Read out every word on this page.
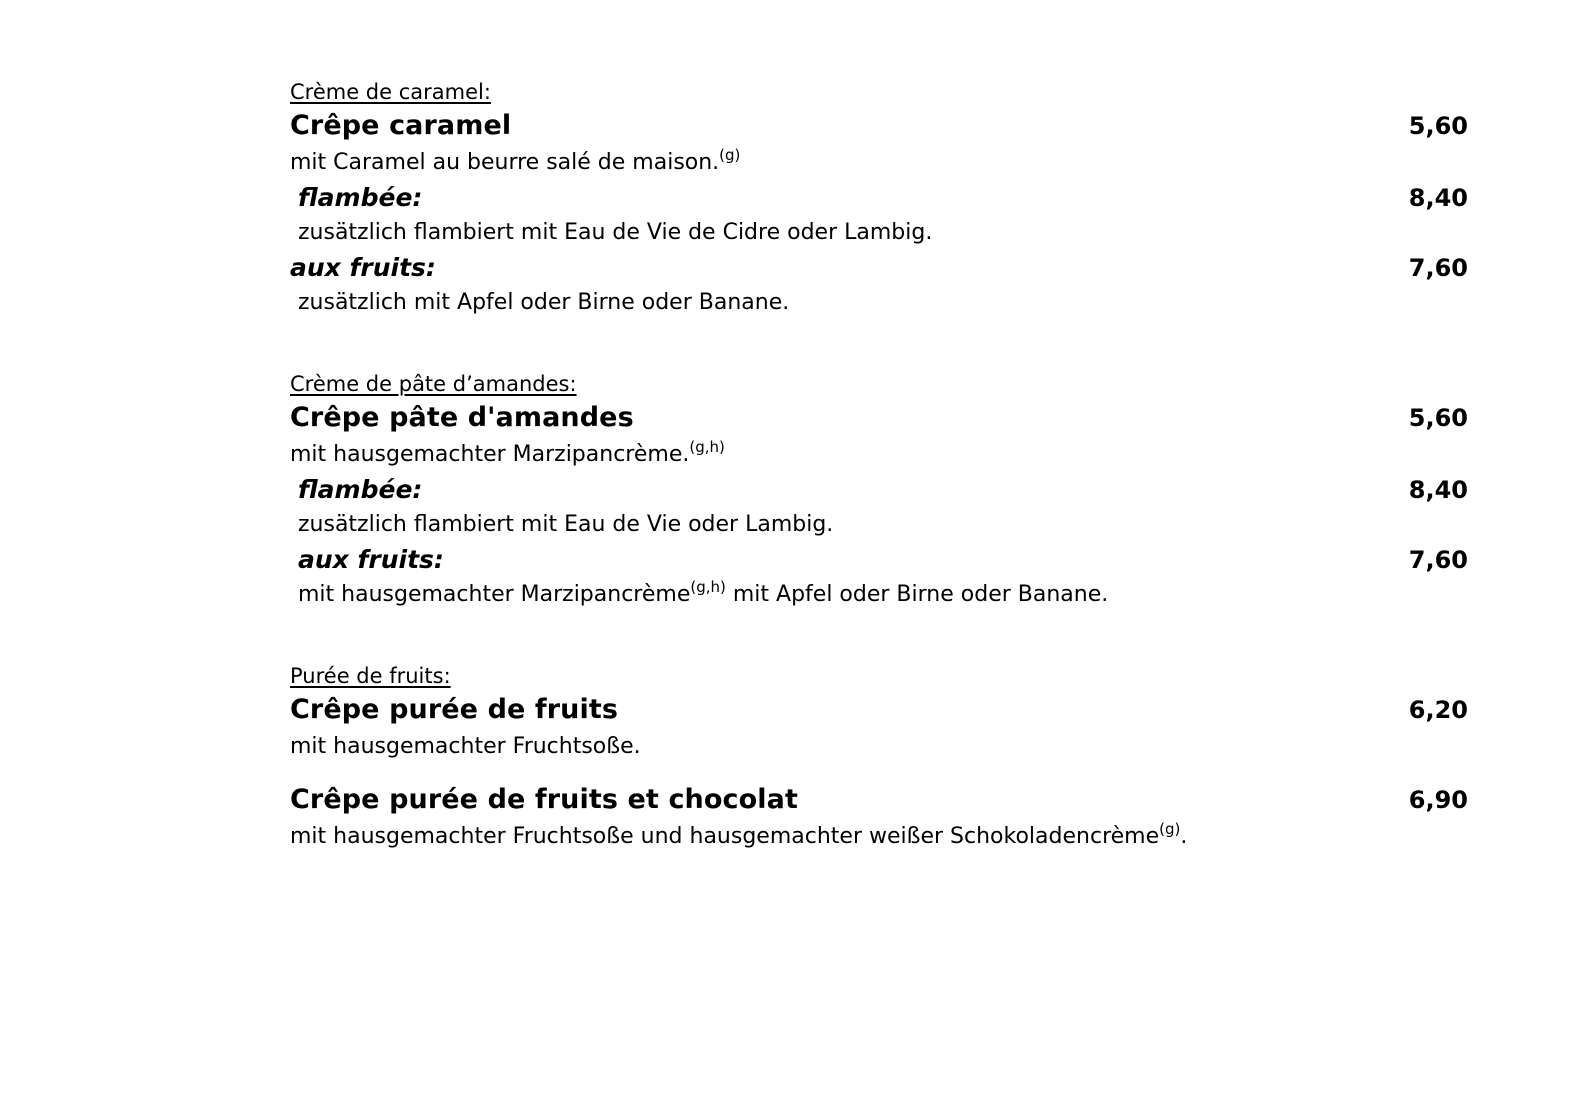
Crème de caramel:
Crêpe caramel	5,60
mit Caramel au beurre salé de maison.$^{(g)}$
flambée:	8,40
zusätzlich flambiert mit Eau de Vie de Cidre oder Lambig.
aux fruits:	7,60
zusätzlich mit Apfel oder Birne oder Banane.
Crème de pâte d’amandes:
Crêpe pâte d'amandes	5,60
mit hausgemachter Marzipancrème.$^{(g,h)}$
flambée:	8,40
zusätzlich flambiert mit Eau de Vie oder Lambig.
aux fruits:	7,60
mit hausgemachter Marzipancrème$^{(g,h)}$ mit Apfel oder Birne oder Banane.
Purée de fruits:
Crêpe purée de fruits	6,20
mit hausgemachter Fruchtsoße.
Crêpe purée de fruits et chocolat	6,90
mit hausgemachter Fruchtsoße und hausgemachter weißer Schokoladencrème$^{(g)}$.
